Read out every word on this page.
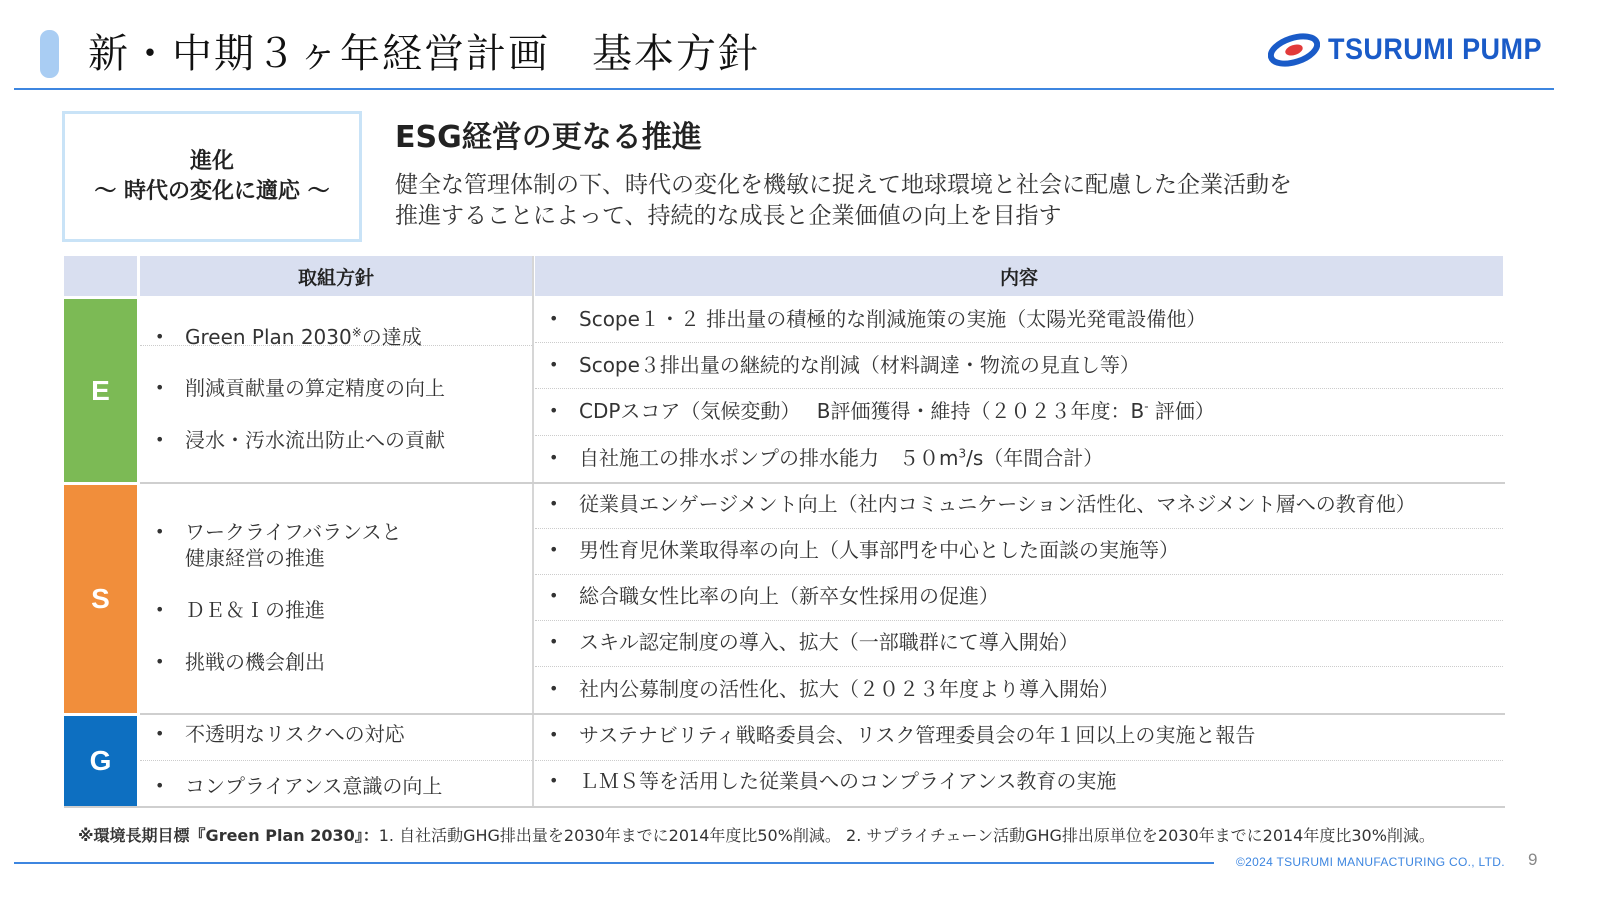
新・中期３ヶ年経営計画　基本方針	TSURUMI PUMP
進化
～ 時代の変化に適応 ～
ESG経営の更なる推進
健全な管理体制の下、時代の変化を機敏に捉えて地球環境と社会に配慮した企業活動を
推進することによって、持続的な成長と企業価値の向上を目指す
取組方針	内容
E
S
G
• Green Plan 2030※の達成
• 削減貢献量の算定精度の向上
• 浸水・汚水流出防止への貢献
• Scope１・２ 排出量の積極的な削減施策の実施（太陽光発電設備他）
• Scope３排出量の継続的な削減（材料調達・物流の見直し等）
• CDPスコア（気候変動）　 B評価獲得・維持（２０２３年度：B- 評価）
• 自社施工の排水ポンプの排水能力　$50m^3/s$（年間合計）
• ワークライフバランスと
健康経営の推進
• ＤＥ＆Ｉの推進
• 挑戦の機会創出
• 従業員エンゲージメント向上（社内コミュニケーション活性化、マネジメント層への教育他）
• 男性育児休業取得率の向上（人事部門を中心とした面談の実施等）
• 総合職女性比率の向上（新卒女性採用の促進）
• スキル認定制度の導入、拡大（一部職群にて導入開始）
• 社内公募制度の活性化、拡大（２０２３年度より導入開始）
• 不透明なリスクへの対応
• コンプライアンス意識の向上
• サステナビリティ戦略委員会、リスク管理委員会の年１回以上の実施と報告
• ＬＭＳ等を活用した従業員へのコンプライアンス教育の実施
※環境長期目標『Green Plan 2030』：1. 自社活動GHG排出量を2030年までに2014年度比50%削減。 2. サプライチェーン活動GHG排出原単位を2030年までに2014年度比30%削減。
©2024 TSURUMI MANUFACTURING CO., LTD. 9
